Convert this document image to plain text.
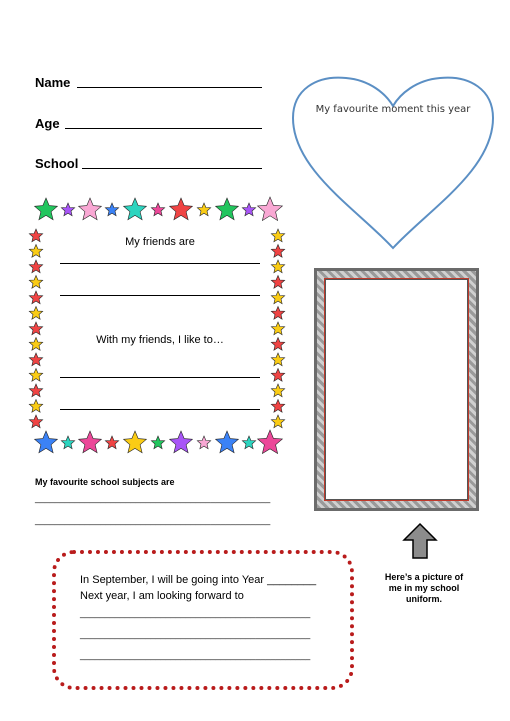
Name
Age
School
My favourite moment this year
My friends are
With my friends, I like to…
Here’s a picture of me in my school uniform.
My favourite school subjects are
_______________________________________________
_______________________________________________
In September, I will be going into Year ________
Next year, I am looking forward to
______________________________________________
______________________________________________
______________________________________________
